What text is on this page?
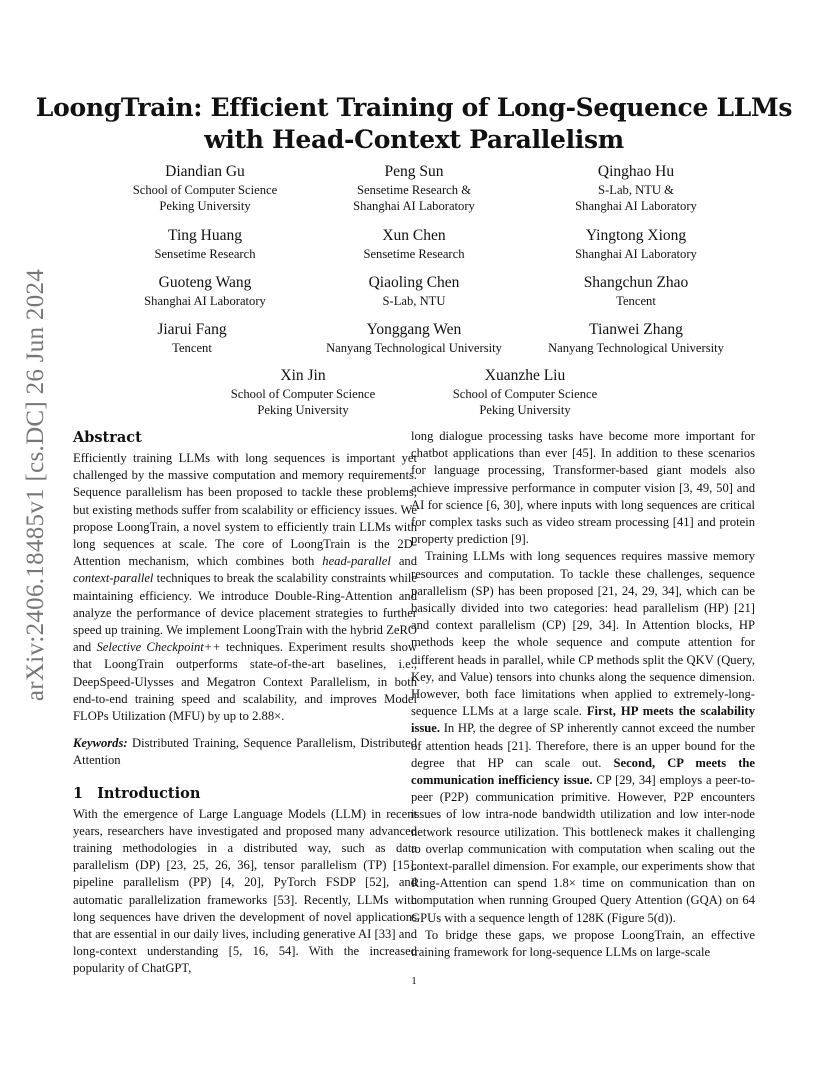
arXiv:2406.18485v1 [cs.DC] 26 Jun 2024
LoongTrain: Efficient Training of Long-Sequence LLMs
with Head-Context Parallelism
Diandian Gu
School of Computer Science
Peking University
Peng Sun
Sensetime Research &
Shanghai AI Laboratory
Qinghao Hu
S-Lab, NTU &
Shanghai AI Laboratory
Ting Huang
Sensetime Research
Xun Chen
Sensetime Research
Yingtong Xiong
Shanghai AI Laboratory
Guoteng Wang
Shanghai AI Laboratory
Qiaoling Chen
S-Lab, NTU
Shangchun Zhao
Tencent
Jiarui Fang
Tencent
Yonggang Wen
Nanyang Technological University
Tianwei Zhang
Nanyang Technological University
Xin Jin
School of Computer Science
Peking University
Xuanzhe Liu
School of Computer Science
Peking University
Abstract

Efficiently training LLMs with long sequences is important yet challenged by the massive computation and memory requirements. Sequence parallelism has been proposed to tackle these problems, but existing methods suffer from scalability or efficiency issues. We propose LoongTrain, a novel system to efficiently train LLMs with long sequences at scale. The core of LoongTrain is the 2D-Attention mechanism, which combines both head-parallel and context-parallel techniques to break the scalability constraints while maintaining efficiency. We introduce Double-Ring-Attention and analyze the performance of device placement strategies to further speed up training. We implement LoongTrain with the hybrid ZeRO and Selective Checkpoint++ techniques. Experiment results show that LoongTrain outperforms state-of-the-art baselines, i.e., DeepSpeed-Ulysses and Megatron Context Parallelism, in both end-to-end training speed and scalability, and improves Model FLOPs Utilization (MFU) by up to 2.88×.

Keywords: Distributed Training, Sequence Parallelism, Distributed Attention

1 Introduction

With the emergence of Large Language Models (LLM) in recent years, researchers have investigated and proposed many advanced training methodologies in a distributed way, such as data parallelism (DP) [23, 25, 26, 36], tensor parallelism (TP) [15], pipeline parallelism (PP) [4, 20], PyTorch FSDP [52], and automatic parallelization frameworks [53]. Recently, LLMs with long sequences have driven the development of novel applications that are essential in our daily lives, including generative AI [33] and long-context understanding [5, 16, 54]. With the increased popularity of ChatGPT,

long dialogue processing tasks have become more important for chatbot applications than ever [45]. In addition to these scenarios for language processing, Transformer-based giant models also achieve impressive performance in computer vision [3, 49, 50] and AI for science [6, 30], where inputs with long sequences are critical for complex tasks such as video stream processing [41] and protein property prediction [9].

Training LLMs with long sequences requires massive memory resources and computation. To tackle these challenges, sequence parallelism (SP) has been proposed [21, 24, 29, 34], which can be basically divided into two categories: head parallelism (HP) [21] and context parallelism (CP) [29, 34]. In Attention blocks, HP methods keep the whole sequence and compute attention for different heads in parallel, while CP methods split the QKV (Query, Key, and Value) tensors into chunks along the sequence dimension. However, both face limitations when applied to extremely-long-sequence LLMs at a large scale. First, HP meets the scalability issue. In HP, the degree of SP inherently cannot exceed the number of attention heads [21]. Therefore, there is an upper bound for the degree that HP can scale out. Second, CP meets the communication inefficiency issue. CP [29, 34] employs a peer-to-peer (P2P) communication primitive. However, P2P encounters issues of low intra-node bandwidth utilization and low inter-node network resource utilization. This bottleneck makes it challenging to overlap communication with computation when scaling out the context-parallel dimension. For example, our experiments show that Ring-Attention can spend 1.8× time on communication than on computation when running Grouped Query Attention (GQA) on 64 GPUs with a sequence length of 128K (Figure 5(d)).

To bridge these gaps, we propose LoongTrain, an effective training framework for long-sequence LLMs on large-scale

1
